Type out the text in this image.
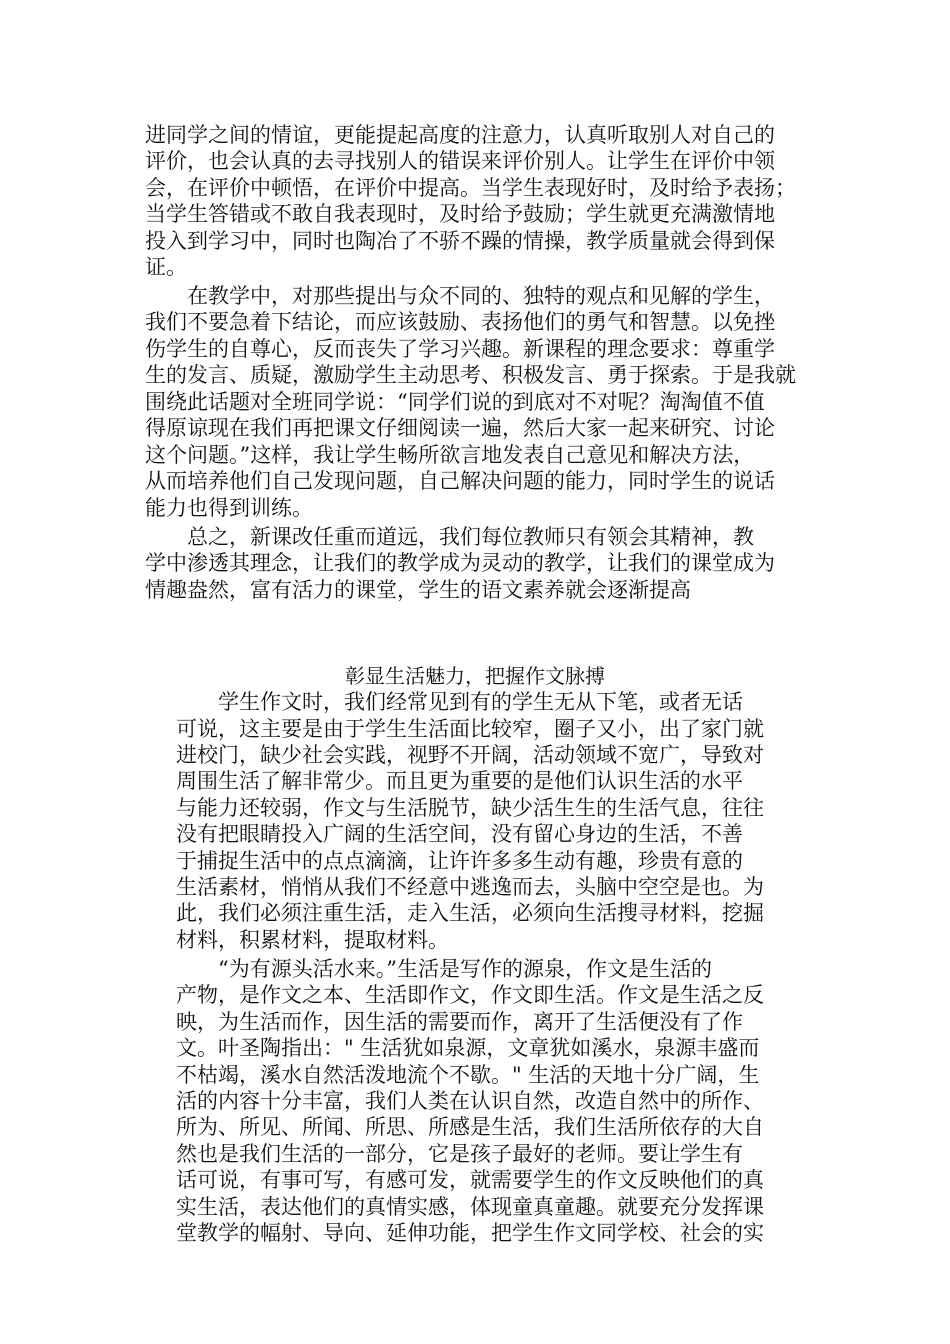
进同学之间的情谊，更能提起高度的注意力，认真听取别人对自己的

评价，也会认真的去寻找别人的错误来评价别人。让学生在评价中领

会，在评价中顿悟，在评价中提高。当学生表现好时，及时给予表扬；

当学生答错或不敢自我表现时，及时给予鼓励；学生就更充满激情地

投入到学习中，同时也陶冶了不骄不躁的情操，教学质量就会得到保

证。

　　在教学中，对那些提出与众不同的、独特的观点和见解的学生，

我们不要急着下结论，而应该鼓励、表扬他们的勇气和智慧。以免挫

伤学生的自尊心，反而丧失了学习兴趣。新课程的理念要求：尊重学

生的发言、质疑，激励学生主动思考、积极发言、勇于探索。于是我就

围绕此话题对全班同学说：“同学们说的到底对不对呢？淘淘值不值

得原谅现在我们再把课文仔细阅读一遍，然后大家一起来研究、讨论

这个问题。”这样，我让学生畅所欲言地发表自己意见和解决方法，

从而培养他们自己发现问题，自己解决问题的能力，同时学生的说话

能力也得到训练。

　　总之，新课改任重而道远，我们每位教师只有领会其精神，教

学中渗透其理念，让我们的教学成为灵动的教学，让我们的课堂成为

情趣盎然，富有活力的课堂，学生的语文素养就会逐渐提高

彰显生活魅力，把握作文脉搏

　　学生作文时，我们经常见到有的学生无从下笔，或者无话

可说，这主要是由于学生生活面比较窄，圈子又小，出了家门就

进校门，缺少社会实践，视野不开阔，活动领域不宽广，导致对

周围生活了解非常少。而且更为重要的是他们认识生活的水平

与能力还较弱，作文与生活脱节，缺少活生生的生活气息，往往

没有把眼睛投入广阔的生活空间，没有留心身边的生活，不善

于捕捉生活中的点点滴滴，让许许多多生动有趣，珍贵有意的

生活素材，悄悄从我们不经意中逃逸而去，头脑中空空是也。为

此，我们必须注重生活，走入生活，必须向生活搜寻材料，挖掘

材料，积累材料，提取材料。

　　“为有源头活水来。”生活是写作的源泉，作文是生活的

产物，是作文之本、生活即作文，作文即生活。作文是生活之反

映，为生活而作，因生活的需要而作，离开了生活便没有了作

文。叶圣陶指出：" 生活犹如泉源，文章犹如溪水，泉源丰盛而

不枯竭，溪水自然活泼地流个不歇。" 生活的天地十分广阔，生

活的内容十分丰富，我们人类在认识自然，改造自然中的所作、

所为、所见、所闻、所思、所感是生活，我们生活所依存的大自

然也是我们生活的一部分，它是孩子最好的老师。要让学生有

话可说，有事可写，有感可发，就需要学生的作文反映他们的真

实生活，表达他们的真情实感，体现童真童趣。就要充分发挥课

堂教学的幅射、导向、延伸功能，把学生作文同学校、社会的实
